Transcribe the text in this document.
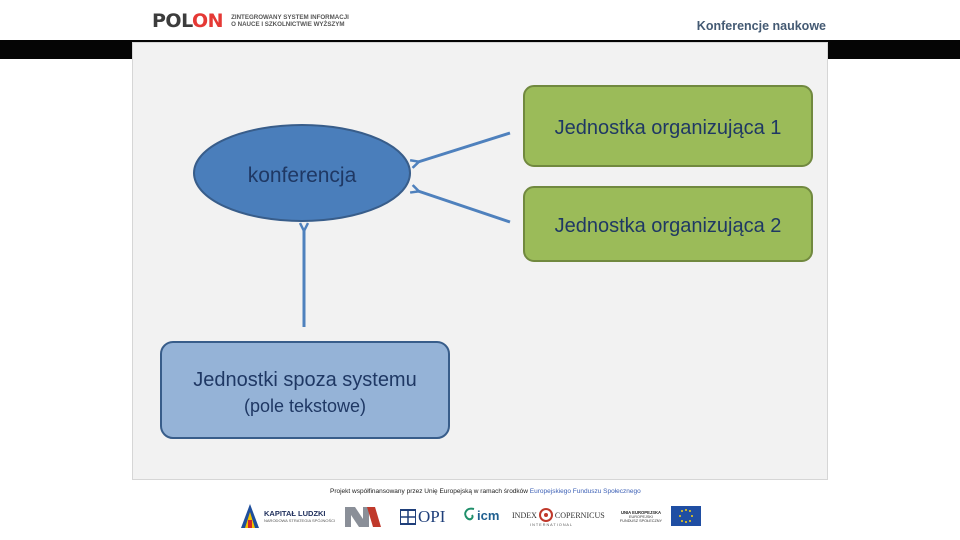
POLON ZINTEGROWANY SYSTEM INFORMACJI
O NAUCE I SZKOLNICTWIE WYŻSZYM	Konferencje naukowe
konferencja
Jednostka organizująca 1
Jednostka organizująca 2
Jednostki spoza systemu
(pole tekstowe)
Projekt współfinansowany przez Unię Europejską w ramach środków Europejskiego Funduszu Społecznego
KAPITAŁ LUDZKI
NARODOWA STRATEGIA SPÓJNOŚCI	OPI icm INDEX COPERNICUS
I N T E R N A T I O N A L
UNIA EUROPEJSKA
EUROPEJSKI
FUNDUSZ SPOŁECZNY
